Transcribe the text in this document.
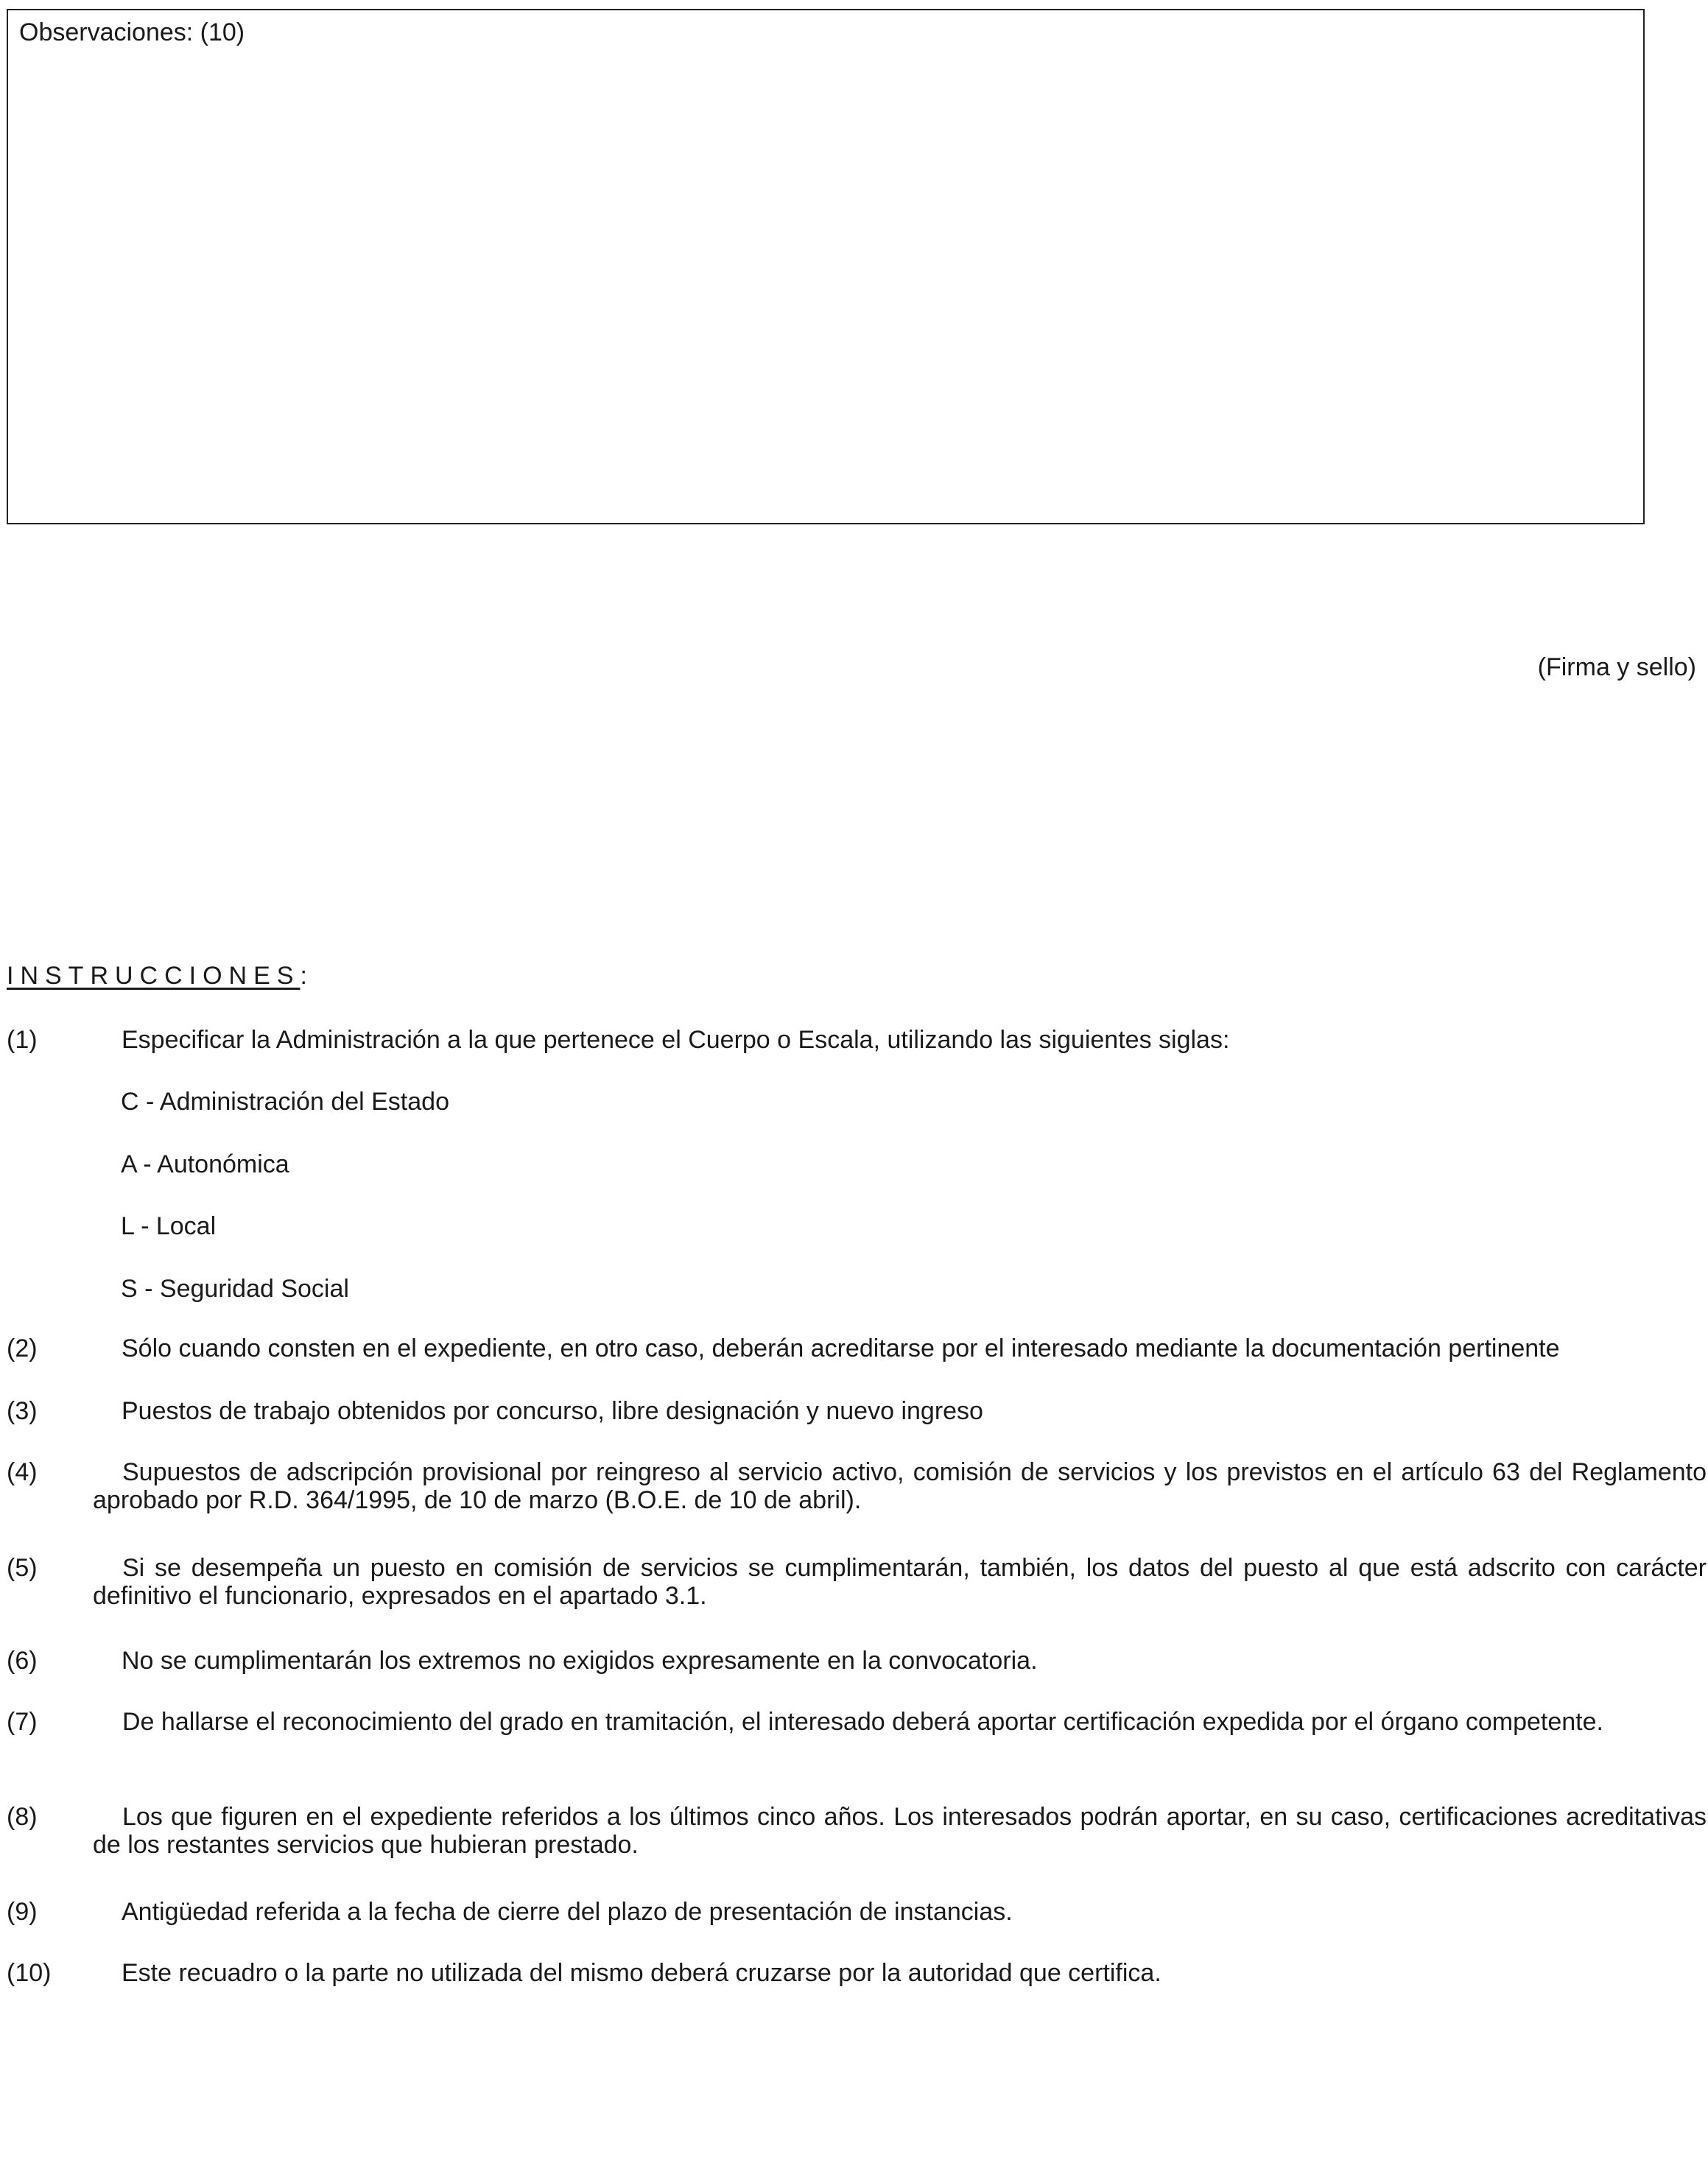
Observaciones: (10)
(Firma y sello)
INSTRUCCIONES:
(1)	Especificar la Administración a la que pertenece el Cuerpo o Escala, utilizando las siguientes siglas:
C - Administración del Estado
A - Autonómica
L - Local
S - Seguridad Social
(2)	Sólo cuando consten en el expediente, en otro caso, deberán acreditarse por el interesado mediante la documentación pertinente
(3)	Puestos de trabajo obtenidos por concurso, libre designación y nuevo ingreso
(4)	Supuestos de adscripción provisional por reingreso al servicio activo, comisión de servicios y los previstos en el artículo 63 del Reglamento aprobado por R.D. 364/1995, de 10 de marzo (B.O.E. de 10 de abril).
(5)	Si se desempeña un puesto en comisión de servicios se cumplimentarán, también, los datos del puesto al que está adscrito con carácter definitivo el funcionario, expresados en el apartado 3.1.
(6)	No se cumplimentarán los extremos no exigidos expresamente en la convocatoria.
(7)	De hallarse el reconocimiento del grado en tramitación, el interesado deberá aportar certificación expedida por el órgano competente.
(8)	Los que figuren en el expediente referidos a los últimos cinco años. Los interesados podrán aportar, en su caso, certificaciones acreditativas de los restantes servicios que hubieran prestado.
(9)	Antigüedad referida a la fecha de cierre del plazo de presentación de instancias.
(10)	Este recuadro o la parte no utilizada del mismo deberá cruzarse por la autoridad que certifica.
